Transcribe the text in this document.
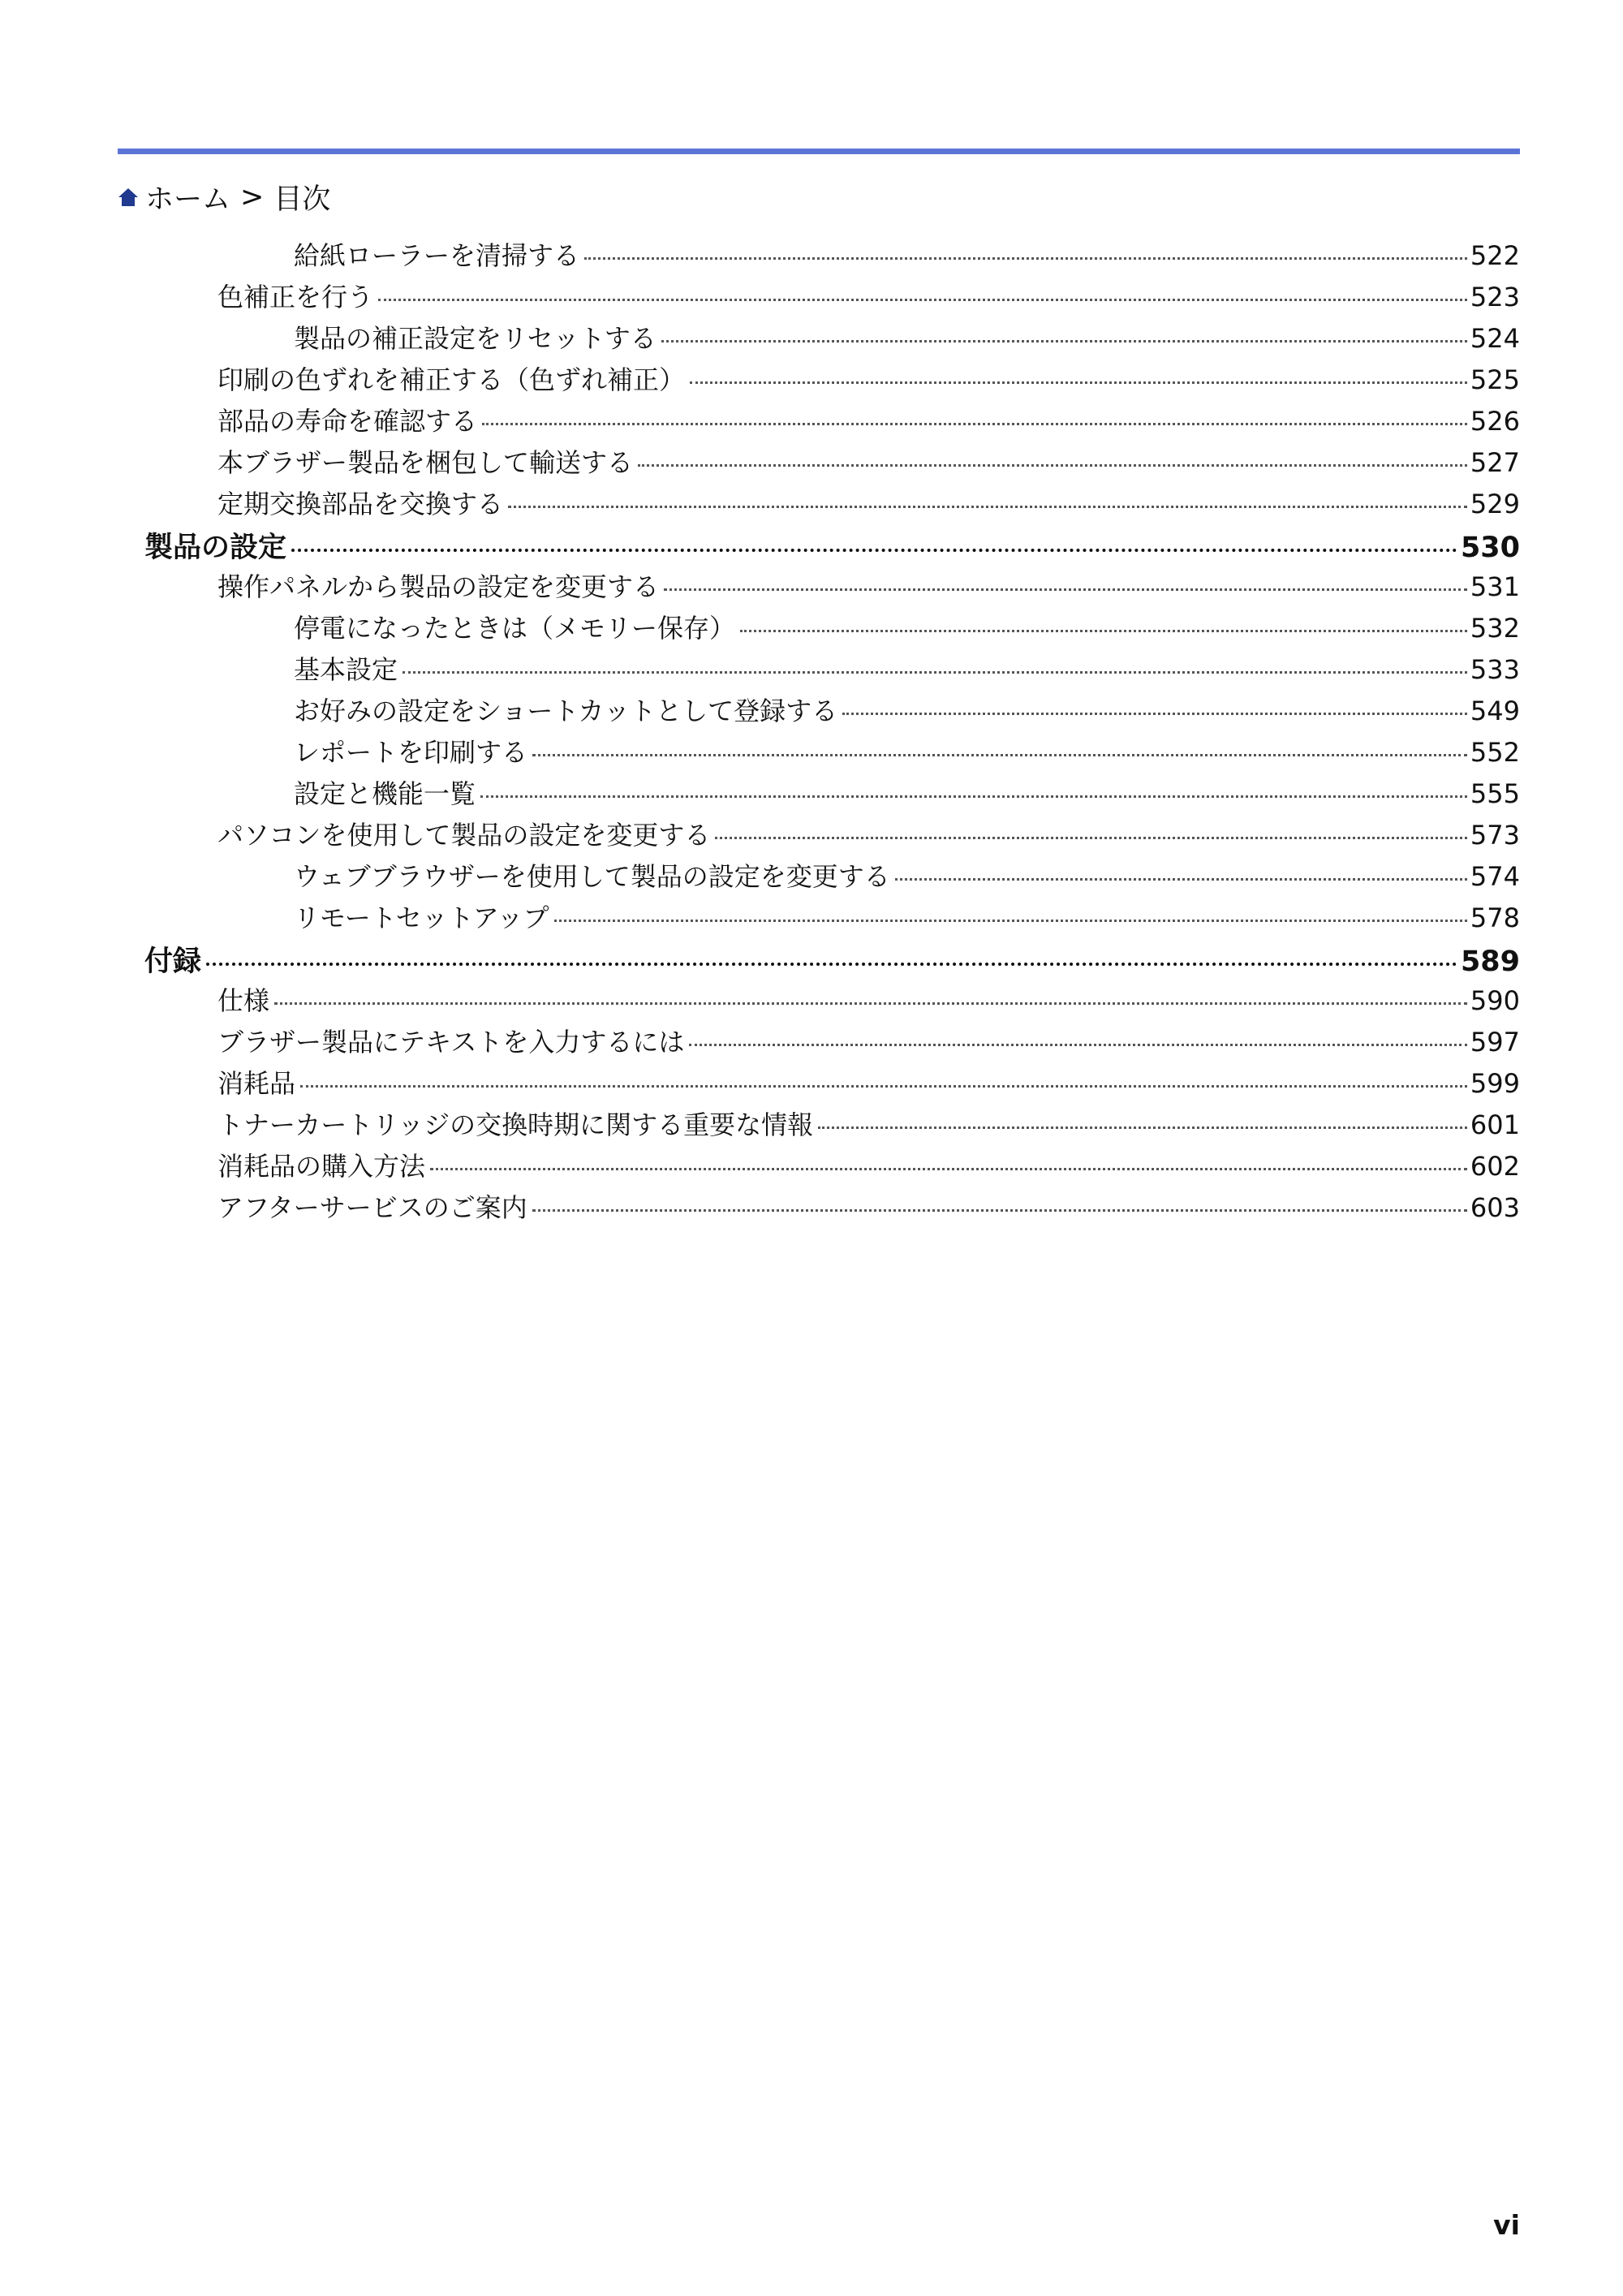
ホーム > 目次
給紙ローラーを清掃する	522
色補正を行う	523
製品の補正設定をリセットする	524
印刷の色ずれを補正する（色ずれ補正）	525
部品の寿命を確認する	526
本ブラザー製品を梱包して輸送する	527
定期交換部品を交換する	529
製品の設定	530
操作パネルから製品の設定を変更する	531
停電になったときは（メモリー保存）	532
基本設定	533
お好みの設定をショートカットとして登録する	549
レポートを印刷する	552
設定と機能一覧	555
パソコンを使用して製品の設定を変更する	573
ウェブブラウザーを使用して製品の設定を変更する	574
リモートセットアップ	578
付録	589
仕様	590
ブラザー製品にテキストを入力するには	597
消耗品	599
トナーカートリッジの交換時期に関する重要な情報	601
消耗品の購入方法	602
アフターサービスのご案内	603
vi
